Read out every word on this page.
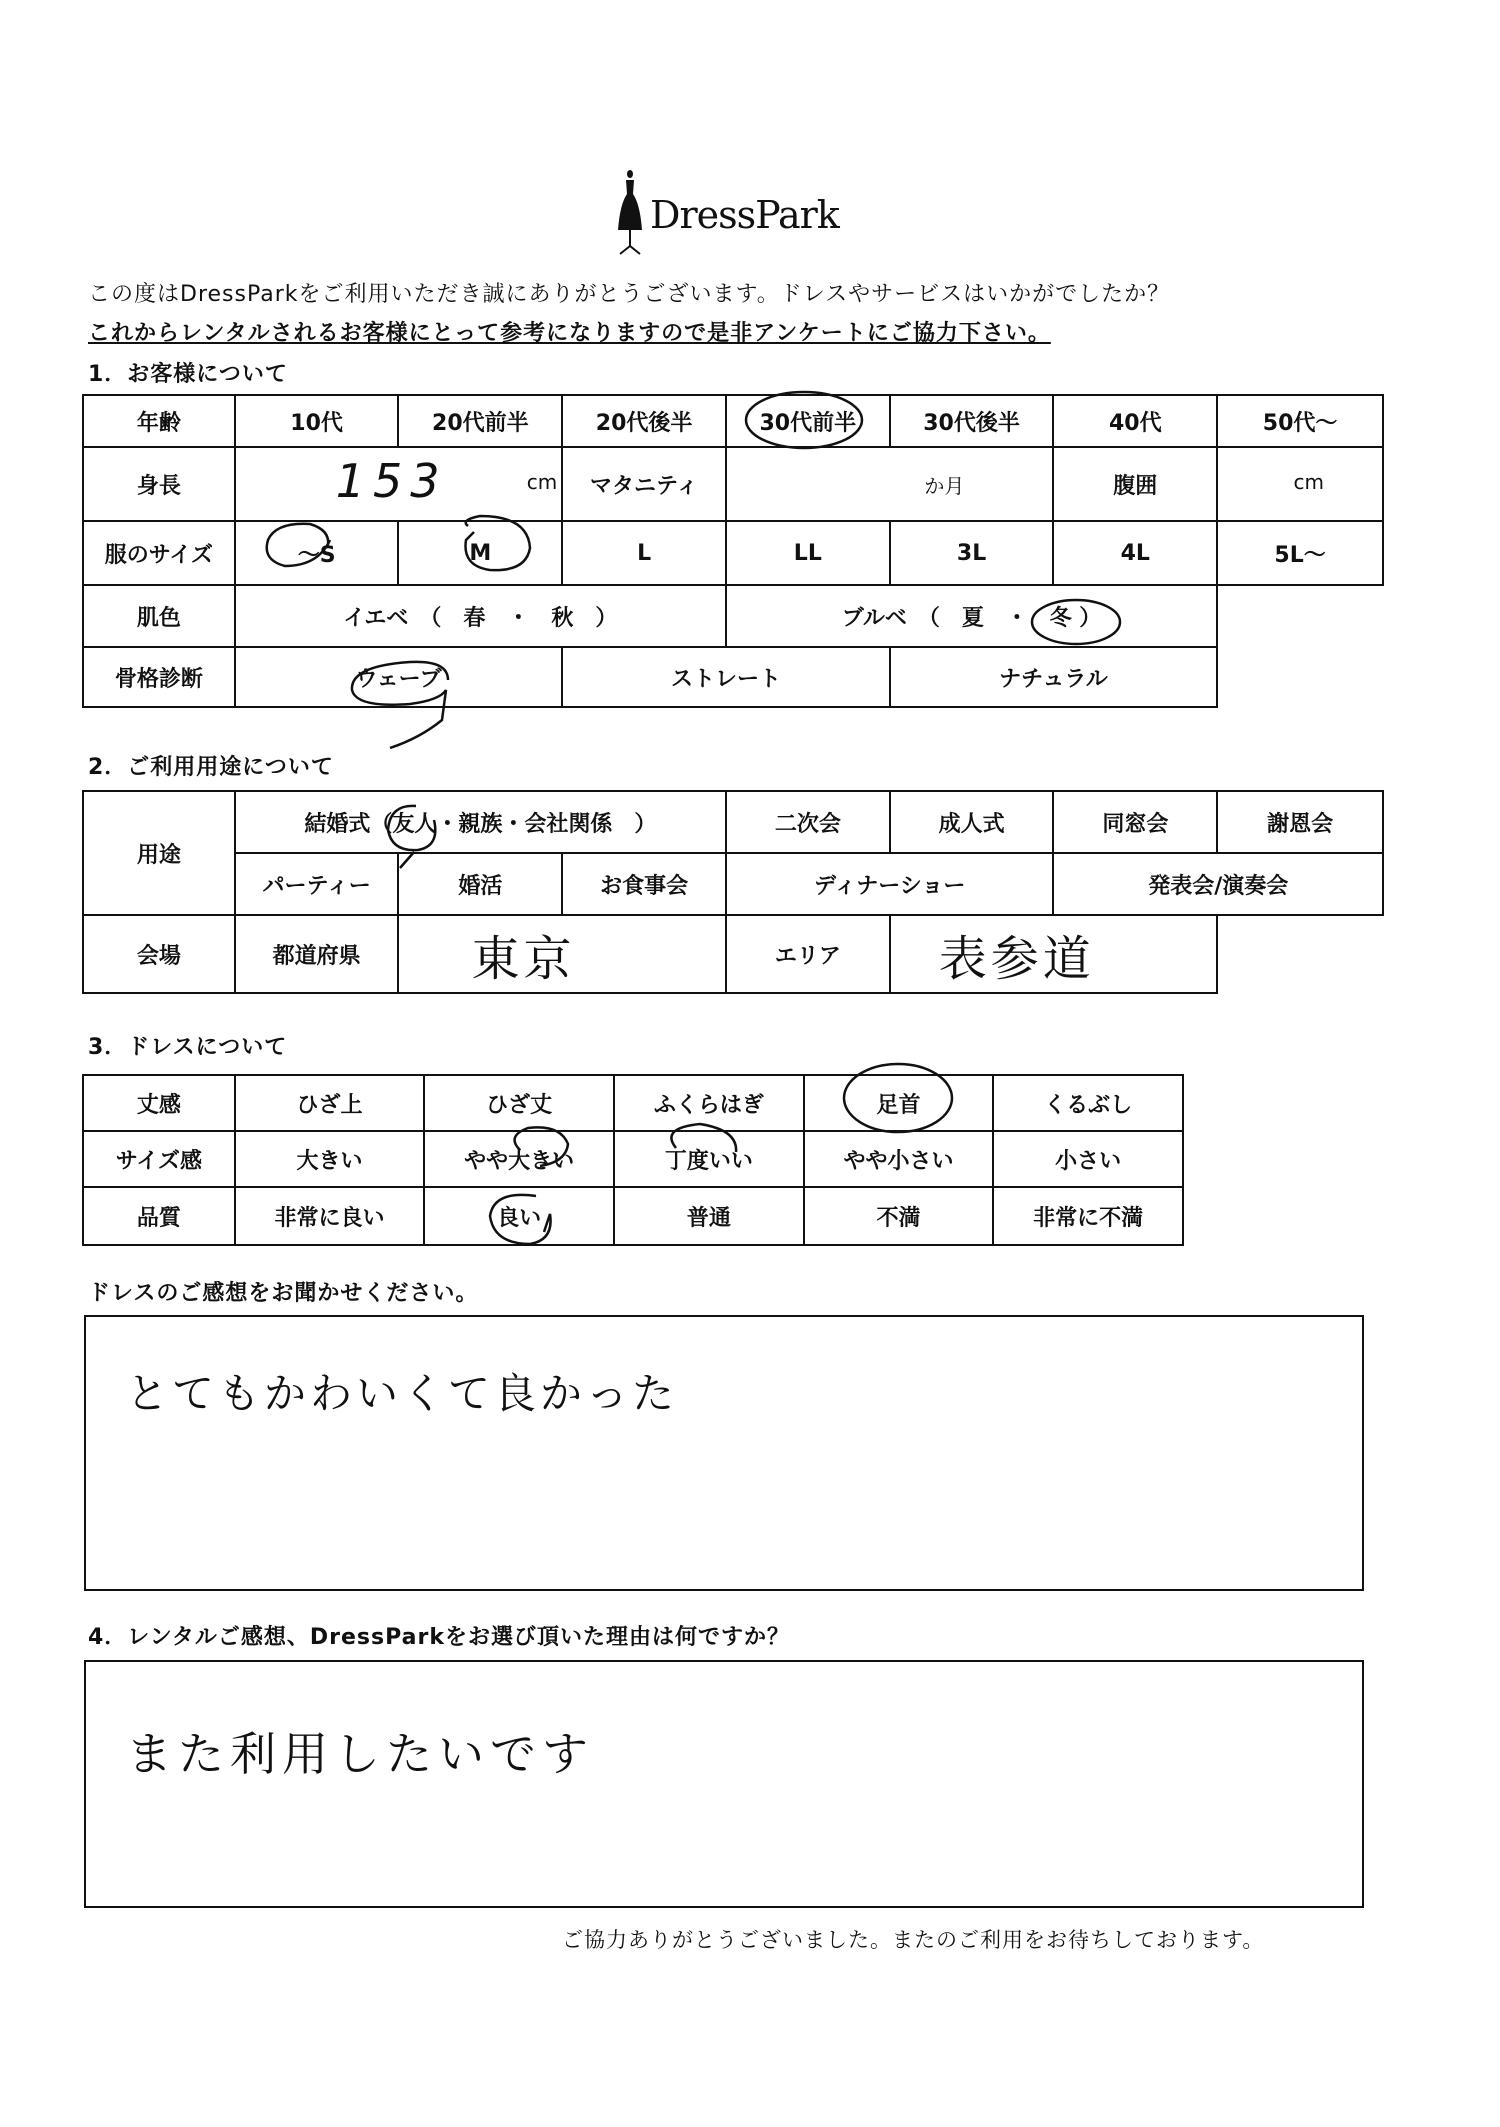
DressPark
この度はDressParkをご利用いただき誠にありがとうございます。ドレスやサービスはいかがでしたか？
これからレンタルされるお客様にとって参考になりますので是非アンケートにご協力下さい。
1．お客様について
年齢	10代	20代前半	20代後半	30代前半	30代後半	40代	50代～
身長	153 cm		マタニティ	か月		腹囲	cm

服のサイズ	～S	M	L	LL	3L	4L	5L～
肌色	イエベ　（　春　・　秋　）			ブルベ　（　夏　・ 冬 ）			
骨格診断	ウェーブ		ストレート		ナチュラル		
2．ご利用用途について
用途	結婚式（友人・親族・会社関係　）			二次会	成人式	同窓会	謝恩会
	パーティー	婚活	お食事会	ディナーショー		発表会/演奏会	
会場	都道府県	東京		エリア	表参道		
3．ドレスについて
丈感	ひざ上	ひざ丈	ふくらはぎ	足首	くるぶし
サイズ感	大きい	やや大きい	丁度いい	やや小さい	小さい
品質	非常に良い	良い	普通	不満	非常に不満
ドレスのご感想をお聞かせください。
とてもかわいくて良かった
4．レンタルご感想、DressParkをお選び頂いた理由は何ですか？
また利用したいです
ご協力ありがとうございました。またのご利用をお待ちしております。
